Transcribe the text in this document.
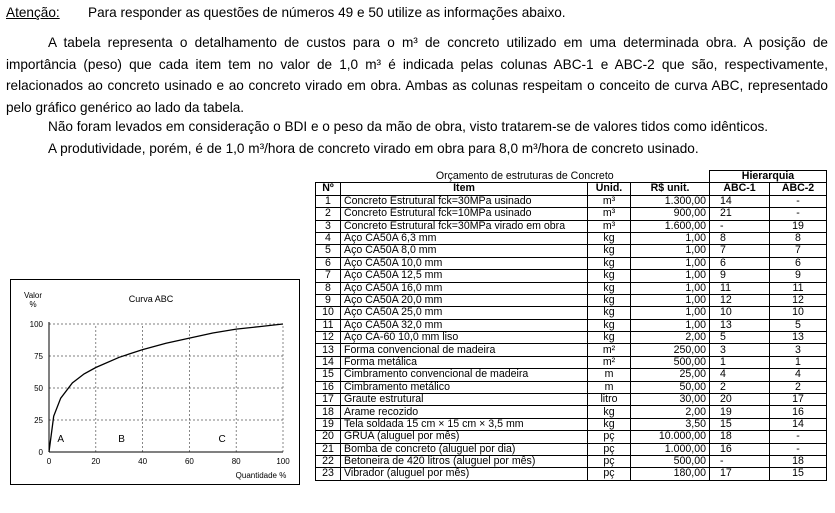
Atenção: Para responder as questões de números 49 e 50 utilize as informações abaixo.
A tabela representa o detalhamento de custos para o m³ de concreto utilizado em uma determinada obra. A posição de
importância (peso) que cada item tem no valor de 1,0 m³ é indicada pelas colunas ABC-1 e ABC-2 que são, respectivamente,
relacionados ao concreto usinado e ao concreto virado em obra. Ambas as colunas respeitam o conceito de curva ABC, representado
pelo gráfico genérico ao lado da tabela.
Não foram levados em consideração o BDI e o peso da mão de obra, visto tratarem-se de valores tidos como idênticos.
A produtividade, porém, é de 1,0 m³/hora de concreto virado em obra para 8,0 m³/hora de concreto usinado.
0
25
50
75
100
0	20	40	60	80	100
Curva ABC
Valor
%
Quantidade %
A	B	C
	Orçamento de estruturas de Concreto			Hierarquia	
Nº	Item	Unid.	R$ unit.	ABC-1	ABC-2
1	Concreto Estrutural fck=30MPa usinado	m³	1.300,00	14	-
2	Concreto Estrutural fck=10MPa usinado	m³	900,00	21	-
3	Concreto Estrutural fck=30MPa virado em obra	m³	1.600,00	-	19
4	Aço CA50A 6,3 mm	kg	1,00	8	8
5	Aço CA50A 8,0 mm	kg	1,00	7	7
6	Aço CA50A 10,0 mm	kg	1,00	6	6
7	Aço CA50A 12,5 mm	kg	1,00	9	9
8	Aço CA50A 16,0 mm	kg	1,00	11	11
9	Aço CA50A 20,0 mm	kg	1,00	12	12
10	Aço CA50A 25,0 mm	kg	1,00	10	10
11	Aço CA50A 32,0 mm	kg	1,00	13	5
12	Aço CA-60 10,0 mm liso	kg	2,00	5	13
13	Forma convencional de madeira	m²	250,00	3	3
14	Forma metálica	m²	500,00	1	1
15	Cimbramento convencional de madeira	m	25,00	4	4
16	Cimbramento metálico	m	50,00	2	2
17	Graute estrutural	litro	30,00	20	17
18	Arame recozido	kg	2,00	19	16
19	Tela soldada 15 cm × 15 cm × 3,5 mm	kg	3,50	15	14
20	GRUA (aluguel por mês)	pç	10.000,00	18	-
21	Bomba de concreto (aluguel por dia)	pç	1.000,00	16	-
22	Betoneira de 420 litros (aluguel por mês)	pç	500,00	-	18
23	Vibrador (aluguel por mês)	pç	180,00	17	15
